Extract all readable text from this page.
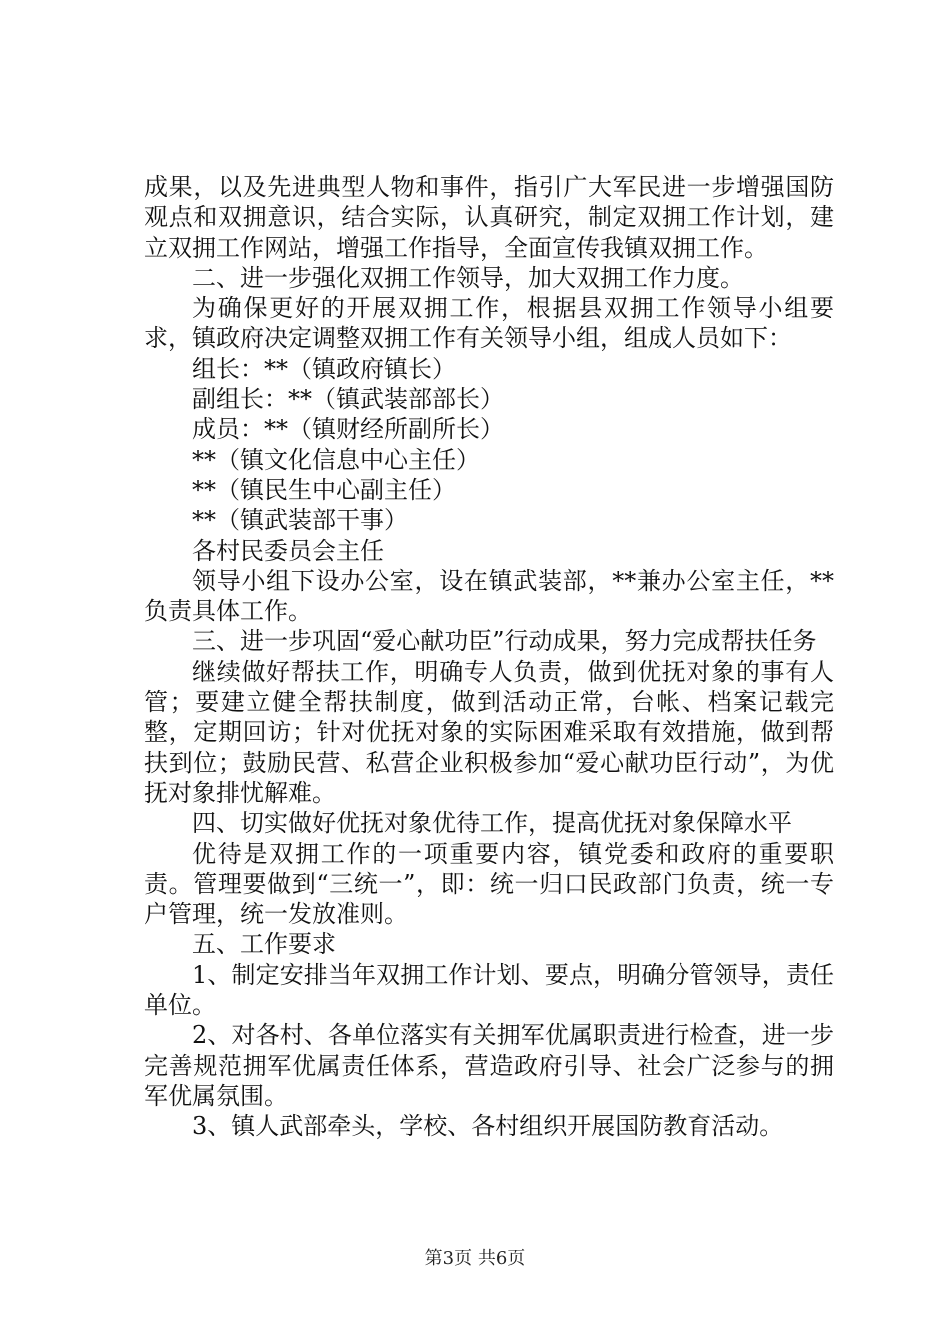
成果，以及先进典型人物和事件，指引广大军民进一步增强国防观点和双拥意识，结合实际，认真研究，制定双拥工作计划，建立双拥工作网站，增强工作指导，全面宣传我镇双拥工作。

二、进一步强化双拥工作领导，加大双拥工作力度。

为确保更好的开展双拥工作，根据县双拥工作领导小组要求，镇政府决定调整双拥工作有关领导小组，组成人员如下：

组长：**（镇政府镇长）

副组长：**（镇武装部部长）

成员：**（镇财经所副所长）

**（镇文化信息中心主任）

**（镇民生中心副主任）

**（镇武装部干事）

各村民委员会主任

领导小组下设办公室，设在镇武装部，**兼办公室主任，**负责具体工作。

三、进一步巩固“爱心献功臣”行动成果，努力完成帮扶任务

继续做好帮扶工作，明确专人负责，做到优抚对象的事有人管；要建立健全帮扶制度，做到活动正常，台帐、档案记载完整，定期回访；针对优抚对象的实际困难采取有效措施，做到帮扶到位；鼓励民营、私营企业积极参加“爱心献功臣行动”，为优抚对象排忧解难。

四、切实做好优抚对象优待工作，提高优抚对象保障水平

优待是双拥工作的一项重要内容，镇党委和政府的重要职责。管理要做到“三统一”，即：统一归口民政部门负责，统一专户管理，统一发放准则。

五、工作要求

1、制定安排当年双拥工作计划、要点，明确分管领导，责任单位。

2、对各村、各单位落实有关拥军优属职责进行检查，进一步完善规范拥军优属责任体系，营造政府引导、社会广泛参与的拥军优属氛围。

3、镇人武部牵头，学校、各村组织开展国防教育活动。

第3页 共6页
